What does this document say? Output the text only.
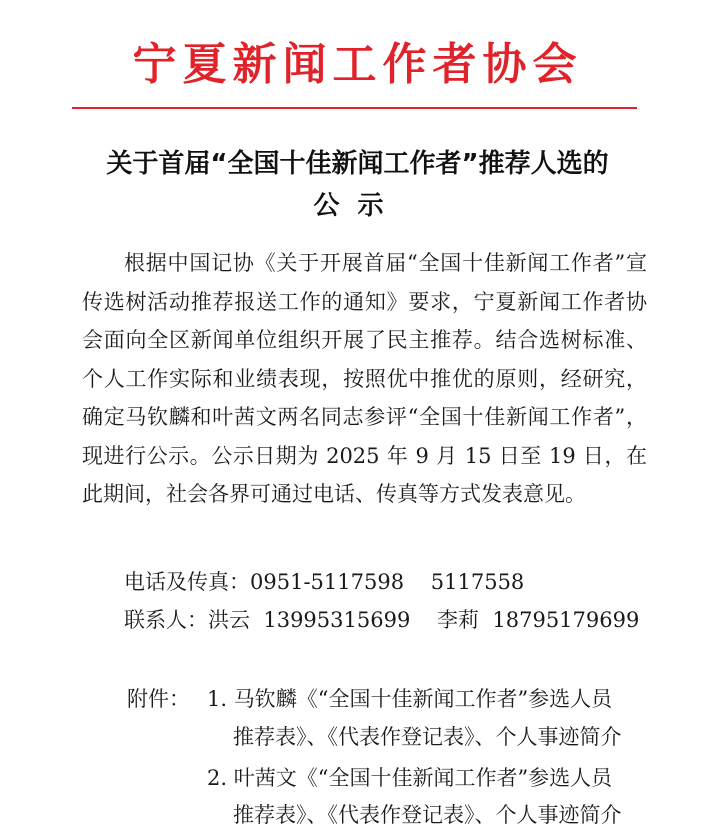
宁夏新闻工作者协会
关于首届“全国十佳新闻工作者”推荐人选的
公示
根据中国记协《关于开展首届“全国十佳新闻工作者”宣传选树活动推荐报送工作的通知》要求，宁夏新闻工作者协会面向全区新闻单位组织开展了民主推荐。结合选树标准、个人工作实际和业绩表现，按照优中推优的原则，经研究，确定马钦麟和叶茜文两名同志参评“全国十佳新闻工作者”，现进行公示。公示日期为 2025 年 9 月 15 日至 19 日，在此期间，社会各界可通过电话、传真等方式发表意见。
电话及传真：0951-5117598    5117558
联系人：洪云  13995315699    李莉  18795179699
附件： 1. 马钦麟《“全国十佳新闻工作者”参选人员
推荐表》、《代表作登记表》、个人事迹简介
2. 叶茜文《“全国十佳新闻工作者”参选人员
推荐表》、《代表作登记表》、个人事迹简介
